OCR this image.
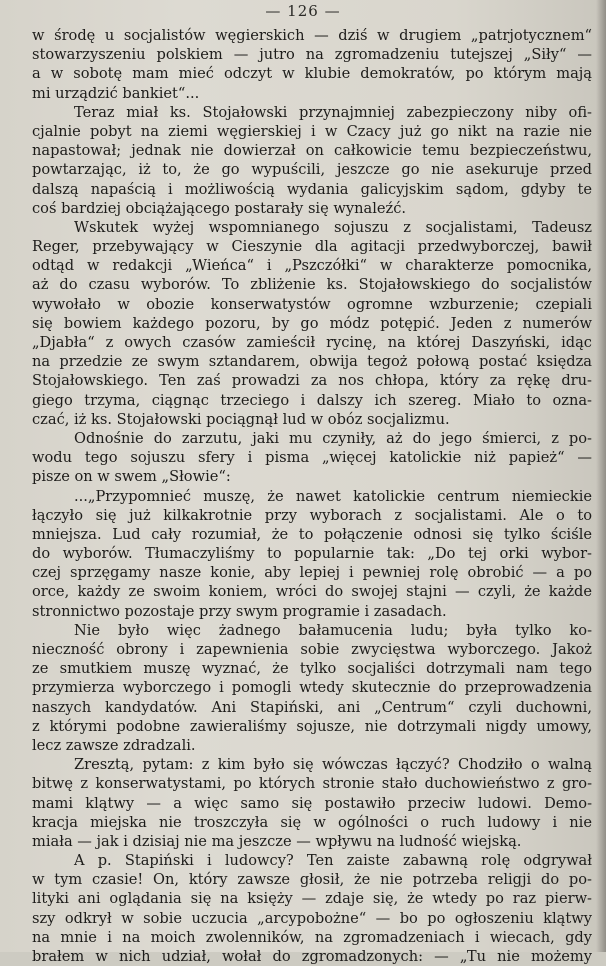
— 126 —
w środę u socjalistów węgierskich — dziś w drugiem „patrjotycznem“
stowarzyszeniu polskiem — jutro na zgromadzeniu tutejszej „Siły“ —
a w sobotę mam mieć odczyt w klubie demokratów, po którym mają
mi urządzić bankiet“...
Teraz miał ks. Stojałowski przynajmniej zabezpieczony niby ofi-
cjalnie pobyt na ziemi węgierskiej i w Czacy już go nikt na razie nie
napastował; jednak nie dowierzał on całkowicie temu bezpieczeństwu,
powtarzając, iż to, że go wypuścili, jeszcze go nie asekuruje przed
dalszą napaścią i możliwością wydania galicyjskim sądom, gdyby te
coś bardziej obciążającego postarały się wynaleźć.
Wskutek wyżej wspomnianego sojuszu z socjalistami, Tadeusz
Reger, przebywający w Cieszynie dla agitacji przedwyborczej, bawił
odtąd w redakcji „Wieńca“ i „Pszczółki“ w charakterze pomocnika,
aż do czasu wyborów. To zbliżenie ks. Stojałowskiego do socjalistów
wywołało w obozie konserwatystów ogromne wzburzenie; czepiali
się bowiem każdego pozoru, by go módz potępić. Jeden z numerów
„Djabła“ z owych czasów zamieścił rycinę, na której Daszyński, idąc
na przedzie ze swym sztandarem, obwija tegoż połową postać księdza
Stojałowskiego. Ten zaś prowadzi za nos chłopa, który za rękę dru-
giego trzyma, ciągnąc trzeciego i dalszy ich szereg. Miało to ozna-
czać, iż ks. Stojałowski pociągnął lud w obóz socjalizmu.
Odnośnie do zarzutu, jaki mu czyniły, aż do jego śmierci, z po-
wodu tego sojuszu sfery i pisma „więcej katolickie niż papież“ —
pisze on w swem „Słowie“:
...„Przypomnieć muszę, że nawet katolickie centrum niemieckie
łączyło się już kilkakrotnie przy wyborach z socjalistami. Ale o to
mniejsza. Lud cały rozumiał, że to połączenie odnosi się tylko ściśle
do wyborów. Tłumaczyliśmy to popularnie tak: „Do tej orki wybor-
czej sprzęgamy nasze konie, aby lepiej i pewniej rolę obrobić — a po
orce, każdy ze swoim koniem, wróci do swojej stajni — czyli, że każde
stronnictwo pozostaje przy swym programie i zasadach.
Nie było więc żadnego bałamucenia ludu; była tylko ko-
nieczność obrony i zapewnienia sobie zwycięstwa wyborczego. Jakoż
ze smutkiem muszę wyznać, że tylko socjaliści dotrzymali nam tego
przymierza wyborczego i pomogli wtedy skutecznie do przeprowadzenia
naszych kandydatów. Ani Stapiński, ani „Centrum“ czyli duchowni,
z którymi podobne zawieraliśmy sojusze, nie dotrzymali nigdy umowy,
lecz zawsze zdradzali.
Zresztą, pytam: z kim było się wówczas łączyć? Chodziło o walną
bitwę z konserwatystami, po których stronie stało duchowieństwo z gro-
mami klątwy — a więc samo się postawiło przeciw ludowi. Demo-
kracja miejska nie troszczyła się w ogólności o ruch ludowy i nie
miała — jak i dzisiaj nie ma jeszcze — wpływu na ludność wiejską.
A p. Stapiński i ludowcy? Ten zaiste zabawną rolę odgrywał
w tym czasie! On, który zawsze głosił, że nie potrzeba religji do po-
lityki ani oglądania się na księży — zdaje się, że wtedy po raz pierw-
szy odkrył w sobie uczucia „arcypobożne“ — bo po ogłoszeniu klątwy
na mnie i na moich zwolenników, na zgromadzeniach i wiecach, gdy
brałem w nich udział, wołał do zgromadzonych: — „Tu nie możemy
